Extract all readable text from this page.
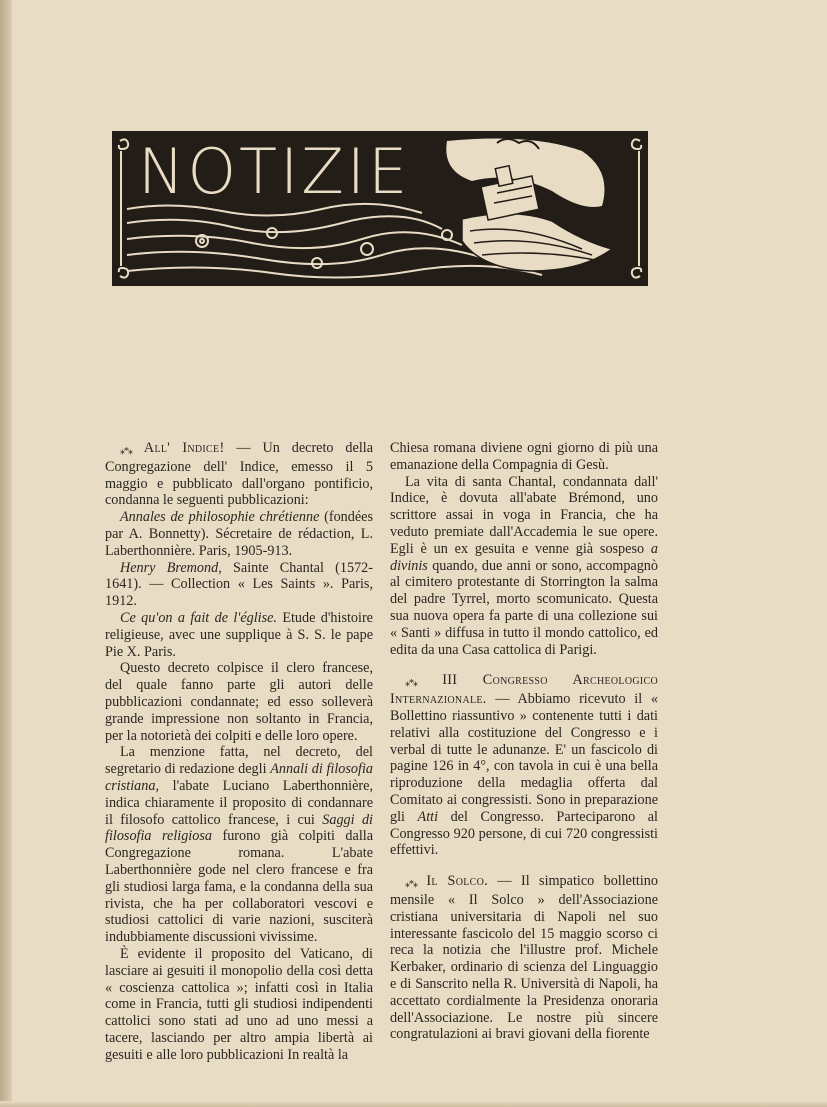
NOTIZIE

⁎*⁎ All' Indice! — Un decreto della Congregazione dell' Indice, emesso il 5 maggio e pubblicato dall'organo pontificio, condanna le seguenti pubblicazioni:

Annales de philosophie chrétienne (fondées par A. Bonnetty). Sécretaire de rédaction, L. Laberthonnière. Paris, 1905-913.

Henry Bremond, Sainte Chantal (1572-1641). — Collection « Les Saints ». Paris, 1912.

Ce qu'on a fait de l'église. Etude d'histoire religieuse, avec une supplique à S. S. le pape Pie X. Paris.

Questo decreto colpisce il clero francese, del quale fanno parte gli autori delle pubblicazioni condannate; ed esso solleverà grande impressione non soltanto in Francia, per la notorietà dei colpiti e delle loro opere.

La menzione fatta, nel decreto, del segretario di redazione degli Annali di filosofia cristiana, l'abate Luciano Laberthonnière, indica chiaramente il proposito di condannare il filosofo cattolico francese, i cui Saggi di filosofia religiosa furono già colpiti dalla Congregazione romana. L'abate Laberthonnière gode nel clero francese e fra gli studiosi larga fama, e la condanna della sua rivista, che ha per collaboratori vescovi e studiosi cattolici di varie nazioni, susciterà indubbiamente discussioni vivissime.

È evidente il proposito del Vaticano, di lasciare ai gesuiti il monopolio della così detta « coscienza cattolica »; infatti così in Italia come in Francia, tutti gli studiosi indipendenti cattolici sono stati ad uno ad uno messi a tacere, lasciando per altro ampia libertà ai gesuiti e alle loro pubblicazioni In realtà la

Chiesa romana diviene ogni giorno di più una emanazione della Compagnia di Gesù.

La vita di santa Chantal, condannata dall' Indice, è dovuta all'abate Brémond, uno scrittore assai in voga in Francia, che ha veduto premiate dall'Accademia le sue opere. Egli è un ex gesuita e venne già sospeso a divinis quando, due anni or sono, accompagnò al cimitero protestante di Storrington la salma del padre Tyrrel, morto scomunicato. Questa sua nuova opera fa parte di una collezione sui « Santi » diffusa in tutto il mondo cattolico, ed edita da una Casa cattolica di Parigi.

⁎*⁎ III Congresso Archeologico Internazionale. — Abbiamo ricevuto il « Bollettino riassuntivo » contenente tutti i dati relativi alla costituzione del Congresso e i verbal di tutte le adunanze. E' un fascicolo di pagine 126 in 4°, con tavola in cui è una bella riproduzione della medaglia offerta dal Comitato ai congressisti. Sono in preparazione gli Atti del Congresso. Parteciparono al Congresso 920 persone, di cui 720 congressisti effettivi.

⁎*⁎ Il Solco. — Il simpatico bollettino mensile « Il Solco » dell'Associazione cristiana universitaria di Napoli nel suo interessante fascicolo del 15 maggio scorso ci reca la notizia che l'illustre prof. Michele Kerbaker, ordinario di scienza del Linguaggio e di Sanscrito nella R. Università di Napoli, ha accettato cordialmente la Presidenza onoraria dell'Associazione. Le nostre più sincere congratulazioni ai bravi giovani della fiorente
